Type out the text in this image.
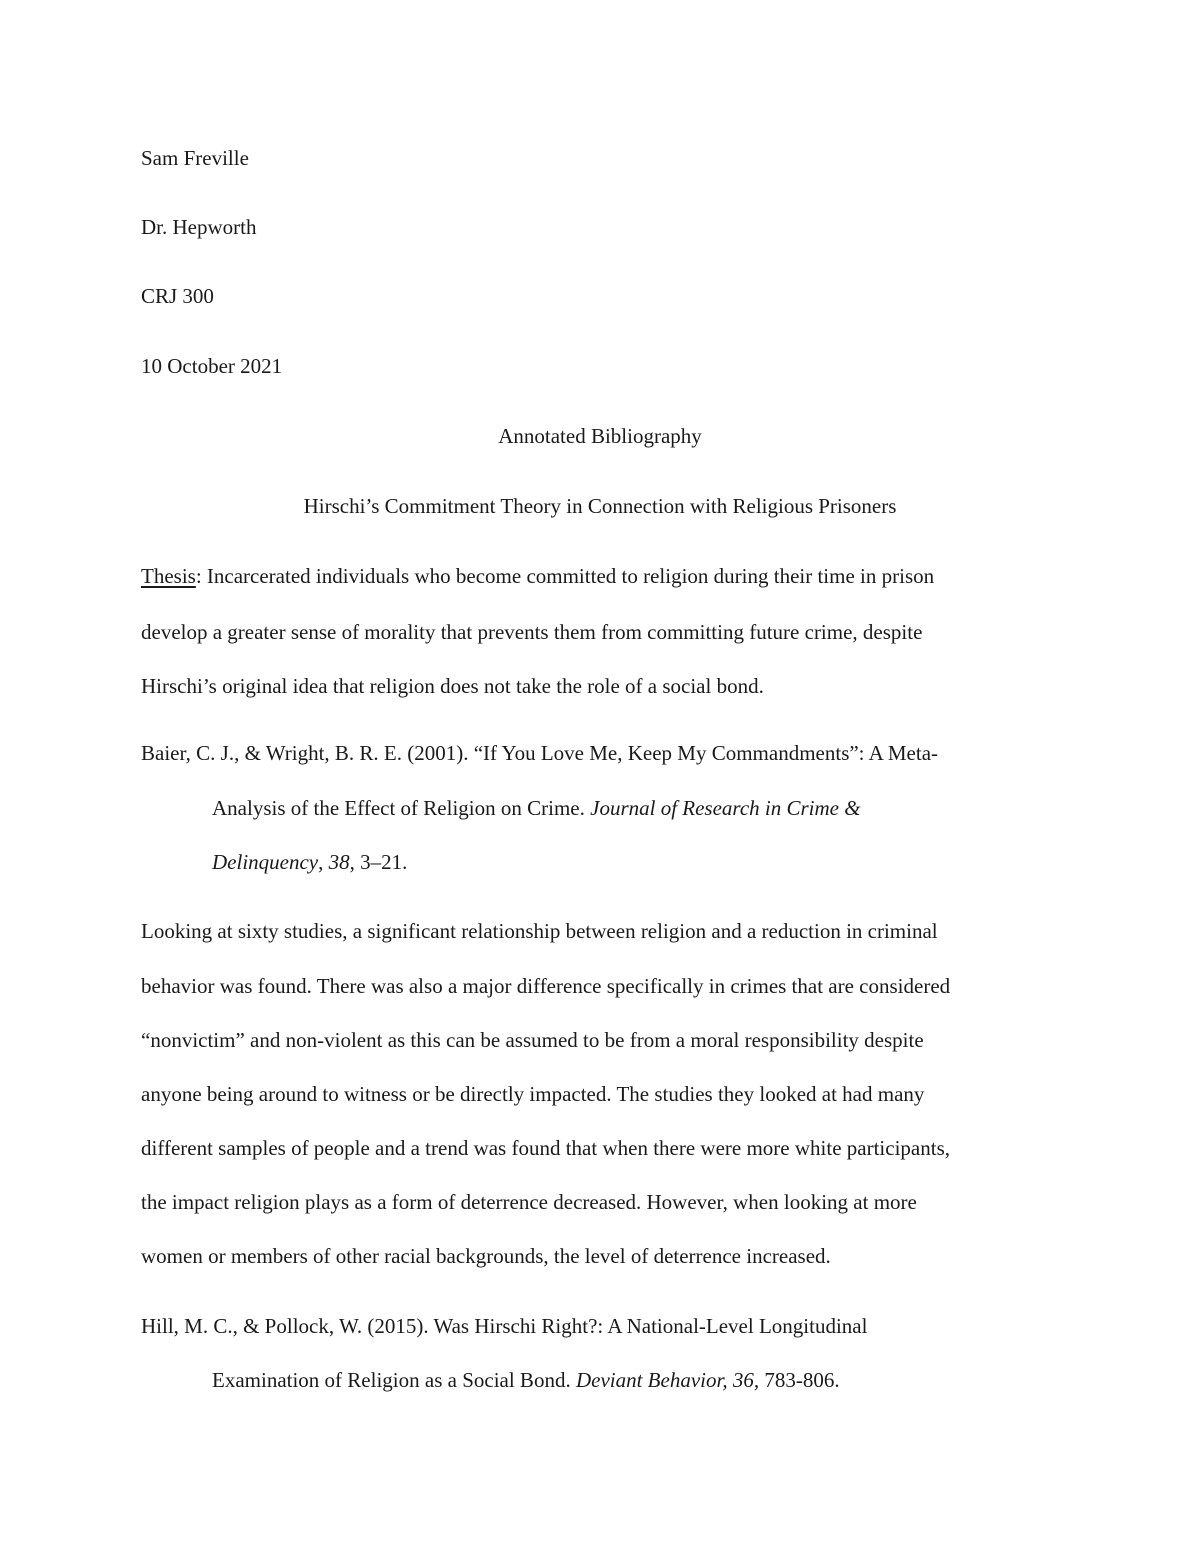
Sam Freville
Dr. Hepworth
CRJ 300
10 October 2021
Annotated Bibliography
Hirschi’s Commitment Theory in Connection with Religious Prisoners
Thesis: Incarcerated individuals who become committed to religion during their time in prison
develop a greater sense of morality that prevents them from committing future crime, despite
Hirschi’s original idea that religion does not take the role of a social bond.
Baier, C. J., & Wright, B. R. E. (2001). “If You Love Me, Keep My Commandments”: A Meta-
Analysis of the Effect of Religion on Crime. Journal of Research in Crime &
Delinquency, 38, 3–21.
Looking at sixty studies, a significant relationship between religion and a reduction in criminal
behavior was found. There was also a major difference specifically in crimes that are considered
“nonvictim” and non-violent as this can be assumed to be from a moral responsibility despite
anyone being around to witness or be directly impacted. The studies they looked at had many
different samples of people and a trend was found that when there were more white participants,
the impact religion plays as a form of deterrence decreased. However, when looking at more
women or members of other racial backgrounds, the level of deterrence increased.
Hill, M. C., & Pollock, W. (2015). Was Hirschi Right?: A National-Level Longitudinal
Examination of Religion as a Social Bond. Deviant Behavior, 36, 783-806.
